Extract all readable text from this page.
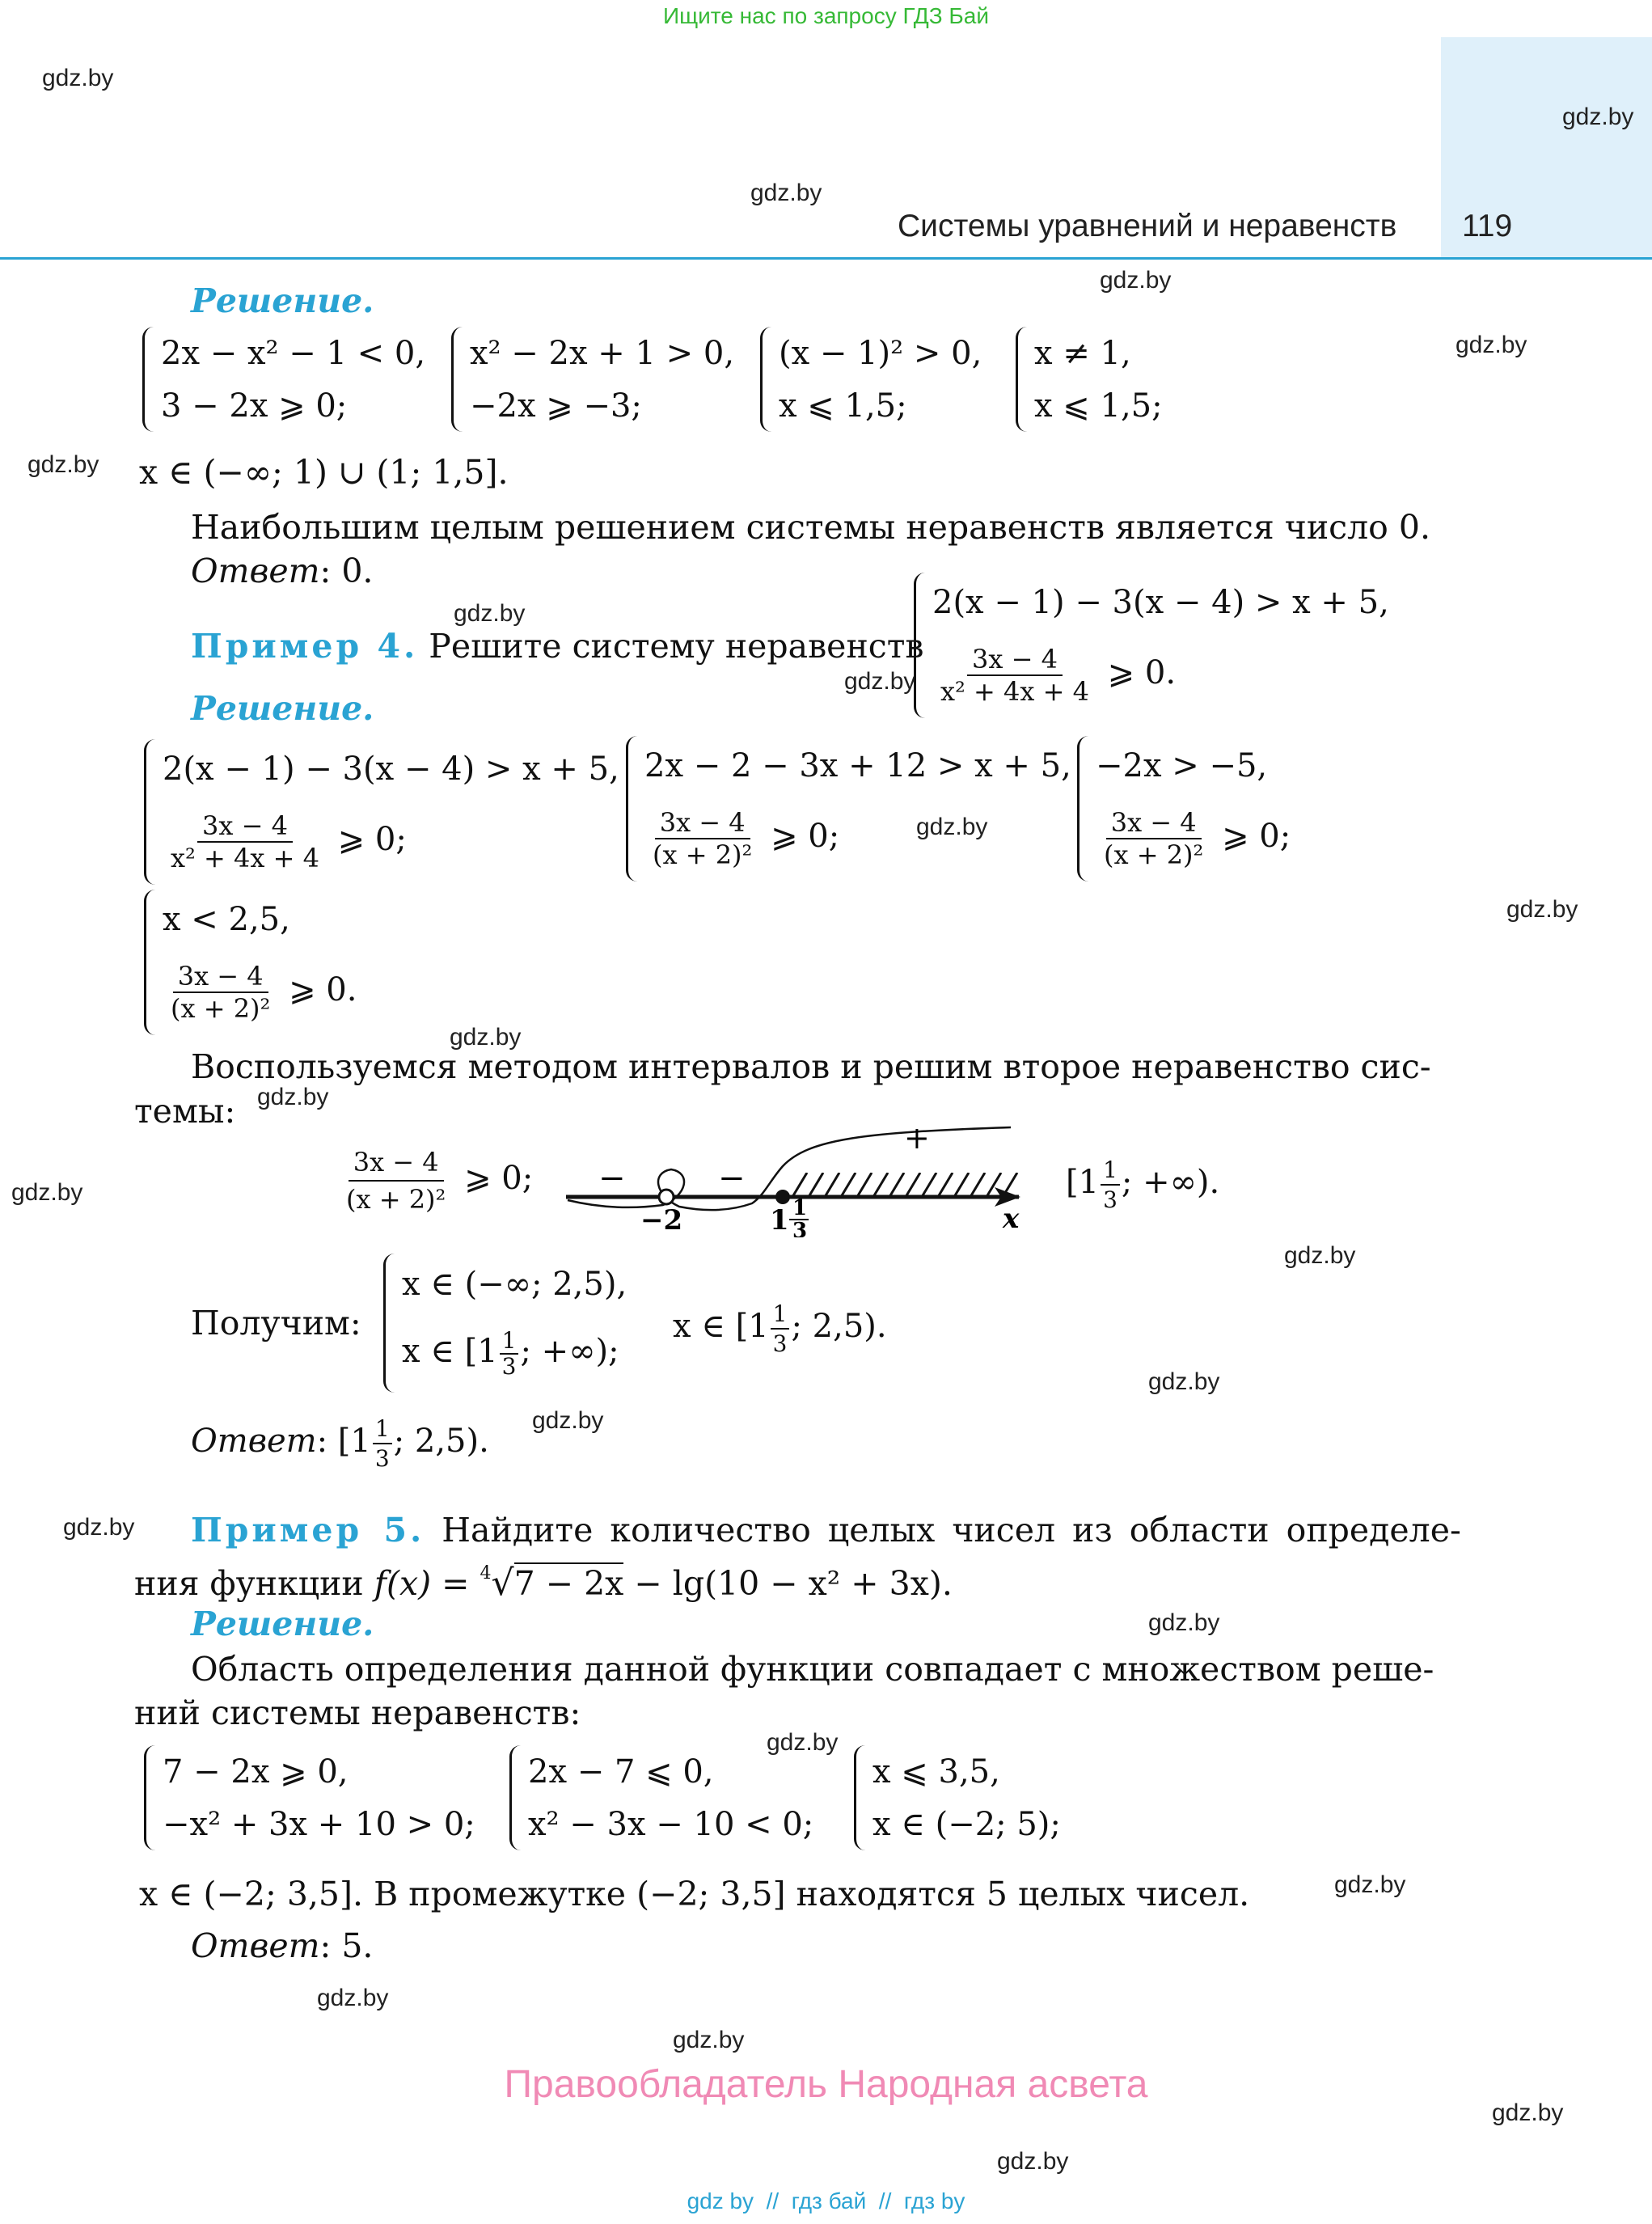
Ищите нас по запросу ГДЗ Бай
Системы уравнений и неравенств 119
gdz.by
gdz.by
gdz.by
gdz.by
gdz.by
gdz.by
gdz.by
gdz.by
gdz.by
gdz.by
gdz.by
gdz.by
gdz.by
gdz.by
gdz.by
gdz.by
gdz.by
gdz.by
gdz.by
gdz.by
gdz.by
gdz.by
gdz.by
gdz.by
Решение.
2x − x² − 1 < 0,
3 − 2x ⩾ 0;
x² − 2x + 1 > 0,
−2x ⩾ −3;
(x − 1)² > 0,
x ⩽ 1,5;
x ≠ 1,
x ⩽ 1,5;
x ∈ (−∞; 1) ∪ (1; 1,5].
Наибольшим целым решением системы неравенств является число 0.
Ответ: 0.
Пример 4. Решите систему неравенств
2(x − 1) − 3(x − 4) > x + 5,
$\frac{3x - 4}{\text{x² + 4x + 4}}$ ⩾ 0.
Решение.
2(x − 1) − 3(x − 4) > x + 5,
$\frac{3x - 4}{\text{x² + 4x + 4}}$ ⩾ 0;
2x − 2 − 3x + 12 > x + 5,
$\frac{3x - 4}{\text{(x + 2)²}}$ ⩾ 0;
−2x > −5,
$\frac{3x - 4}{\text{(x + 2)²}}$ ⩾ 0;
x < 2,5,
$\frac{3x - 4}{\text{(x + 2)²}}$ ⩾ 0.
Воспользуемся методом интервалов и решим второе неравенство сис-
темы:
$\frac{3x - 4}{\text{(x + 2)²}}$ ⩾ 0; −	−
+
−2	1 1
3	x
[$1 \frac{1}{3}$ ; +∞).
Получим:
x ∈ (−∞; 2,5),
x ∈ [$1 \frac{1}{3}$ ; +∞);
x ∈ [$1 \frac{1}{3}$ ; 2,5).
Ответ: [$1 \frac{1}{3}$ ; 2,5).
Пример 5. Найдите количество целых чисел из области определе-
ния функции f(x) = $^4$√7 − 2x − lg(10 − x² + 3x).
Решение.
Область определения данной функции совпадает с множеством реше-
ний системы неравенств:
7 − 2x ⩾ 0,
−x² + 3x + 10 > 0;
2x − 7 ⩽ 0,
x² − 3x − 10 < 0;
x ⩽ 3,5,
x ∈ (−2; 5);
x ∈ (−2; 3,5]. В промежутке (−2; 3,5] находятся 5 целых чисел.
Ответ: 5.
Правообладатель Народная асвета
gdz by  //  гдз бай  //  гдз by
